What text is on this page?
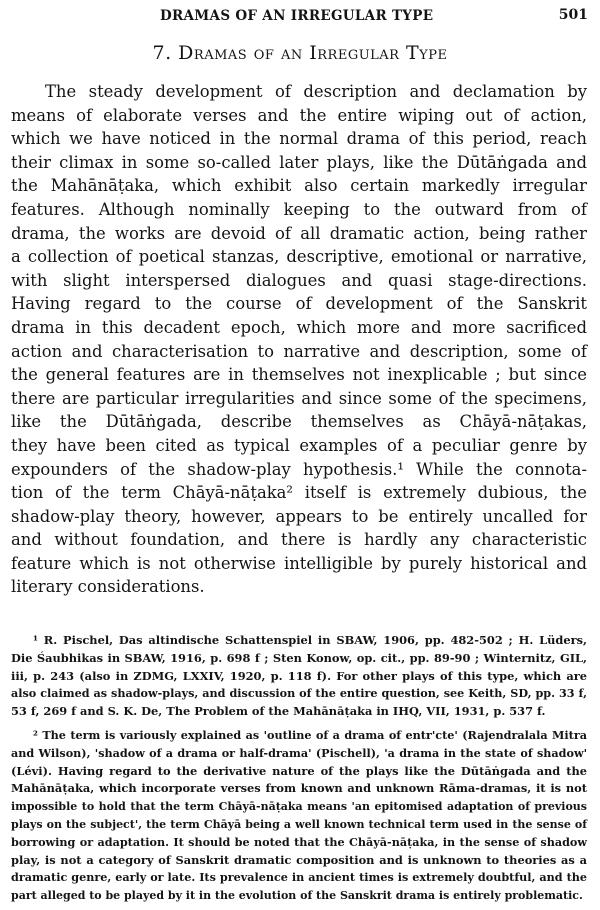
DRAMAS OF AN IRREGULAR TYPE	501
7. Dramas of an Irregular Type
The steady development of description and declamation by
means of elaborate verses and the entire wiping out of action,
which we have noticed in the normal drama of this period, reach
their climax in some so-called later plays, like the Dūtāṅgada and
the Mahānāṭaka, which exhibit also certain markedly irregular
features. Although nominally keeping to the outward from of
drama, the works are devoid of all dramatic action, being rather
a collection of poetical stanzas, descriptive, emotional or narrative,
with slight interspersed dialogues and quasi stage-directions.
Having regard to the course of development of the Sanskrit
drama in this decadent epoch, which more and more sacrificed
action and characterisation to narrative and description, some of
the general features are in themselves not inexplicable ; but since
there are particular irregularities and since some of the specimens,
like the Dūtāṅgada, describe themselves as Chāyā-nāṭakas,
they have been cited as typical examples of a peculiar genre by
expounders of the shadow-play hypothesis.¹ While the connota-
tion of the term Chāyā-nāṭaka² itself is extremely dubious, the
shadow-play theory, however, appears to be entirely uncalled for
and without foundation, and there is hardly any characteristic
feature which is not otherwise intelligible by purely historical and
literary considerations.
¹ R. Pischel, Das altindische Schattenspiel in SBAW, 1906, pp. 482-502 ; H. Lüders,
Die Śaubhikas in SBAW, 1916, p. 698 f ; Sten Konow, op. cit., pp. 89-90 ; Winternitz, GIL,
iii, p. 243 (also in ZDMG, LXXIV, 1920, p. 118 f). For other plays of this type, which are
also claimed as shadow-plays, and discussion of the entire question, see Keith, SD, pp. 33 f,
53 f, 269 f and S. K. De, The Problem of the Mahānāṭaka in IHQ, VII, 1931, p. 537 f.
² The term is variously explained as 'outline of a drama of entr'cte' (Rajendralala Mitra
and Wilson), 'shadow of a drama or half-drama' (Pischell), 'a drama in the state of shadow'
(Lévi). Having regard to the derivative nature of the plays like the Dūtāṅgada and the
Mahānāṭaka, which incorporate verses from known and unknown Rāma-dramas, it is not
impossible to hold that the term Chāyā-nāṭaka means 'an epitomised adaptation of previous
plays on the subject', the term Chāyā being a well known technical term used in the sense of
borrowing or adaptation. It should be noted that the Chāyā-nāṭaka, in the sense of shadow
play, is not a category of Sanskrit dramatic composition and is unknown to theories as a
dramatic genre, early or late. Its prevalence in ancient times is extremely doubtful, and the
part alleged to be played by it in the evolution of the Sanskrit drama is entirely problematic.
